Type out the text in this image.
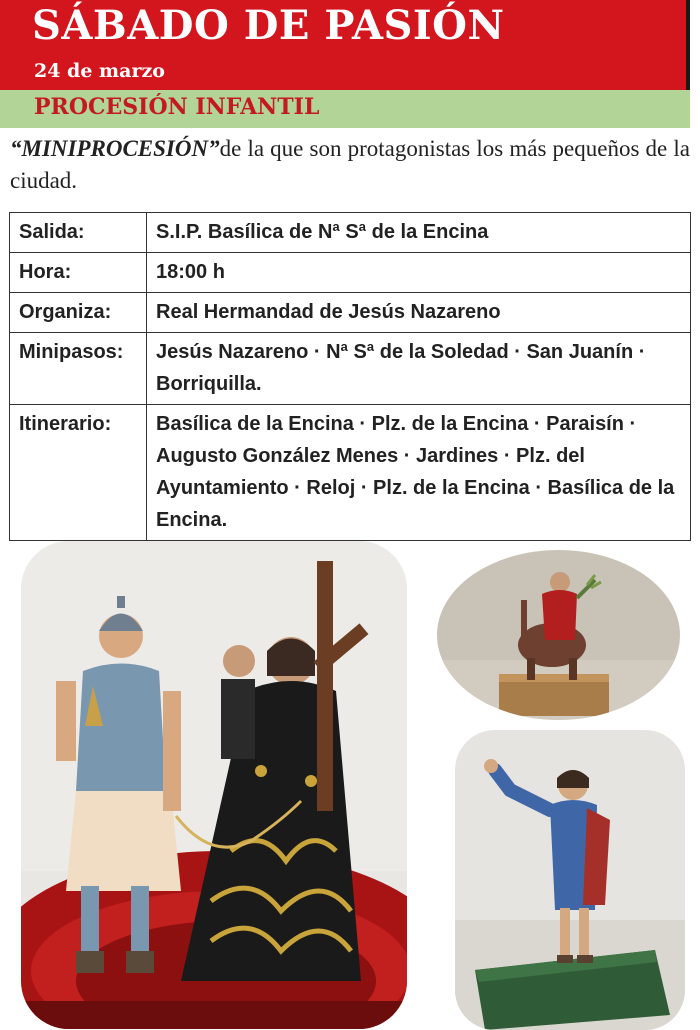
SÁBADO DE PASIÓN
24 de marzo
PROCESIÓN INFANTIL
“MINIPROCESIÓN”de la que son protagonistas los más pequeños de la ciudad.
Salida:	S.I.P. Basílica de Nª Sª de la Encina
Hora:	18:00 h
Organiza:	Real Hermandad de Jesús Nazareno
Minipasos:	Jesús Nazareno · Nª Sª de la Soledad · San Juanín · Borriquilla.
Itinerario:	Basílica de la Encina · Plz. de la Encina · Paraisín · Augusto González Menes · Jardines · Plz. del Ayuntamiento · Reloj · Plz. de la Encina · Basílica de la Encina.
